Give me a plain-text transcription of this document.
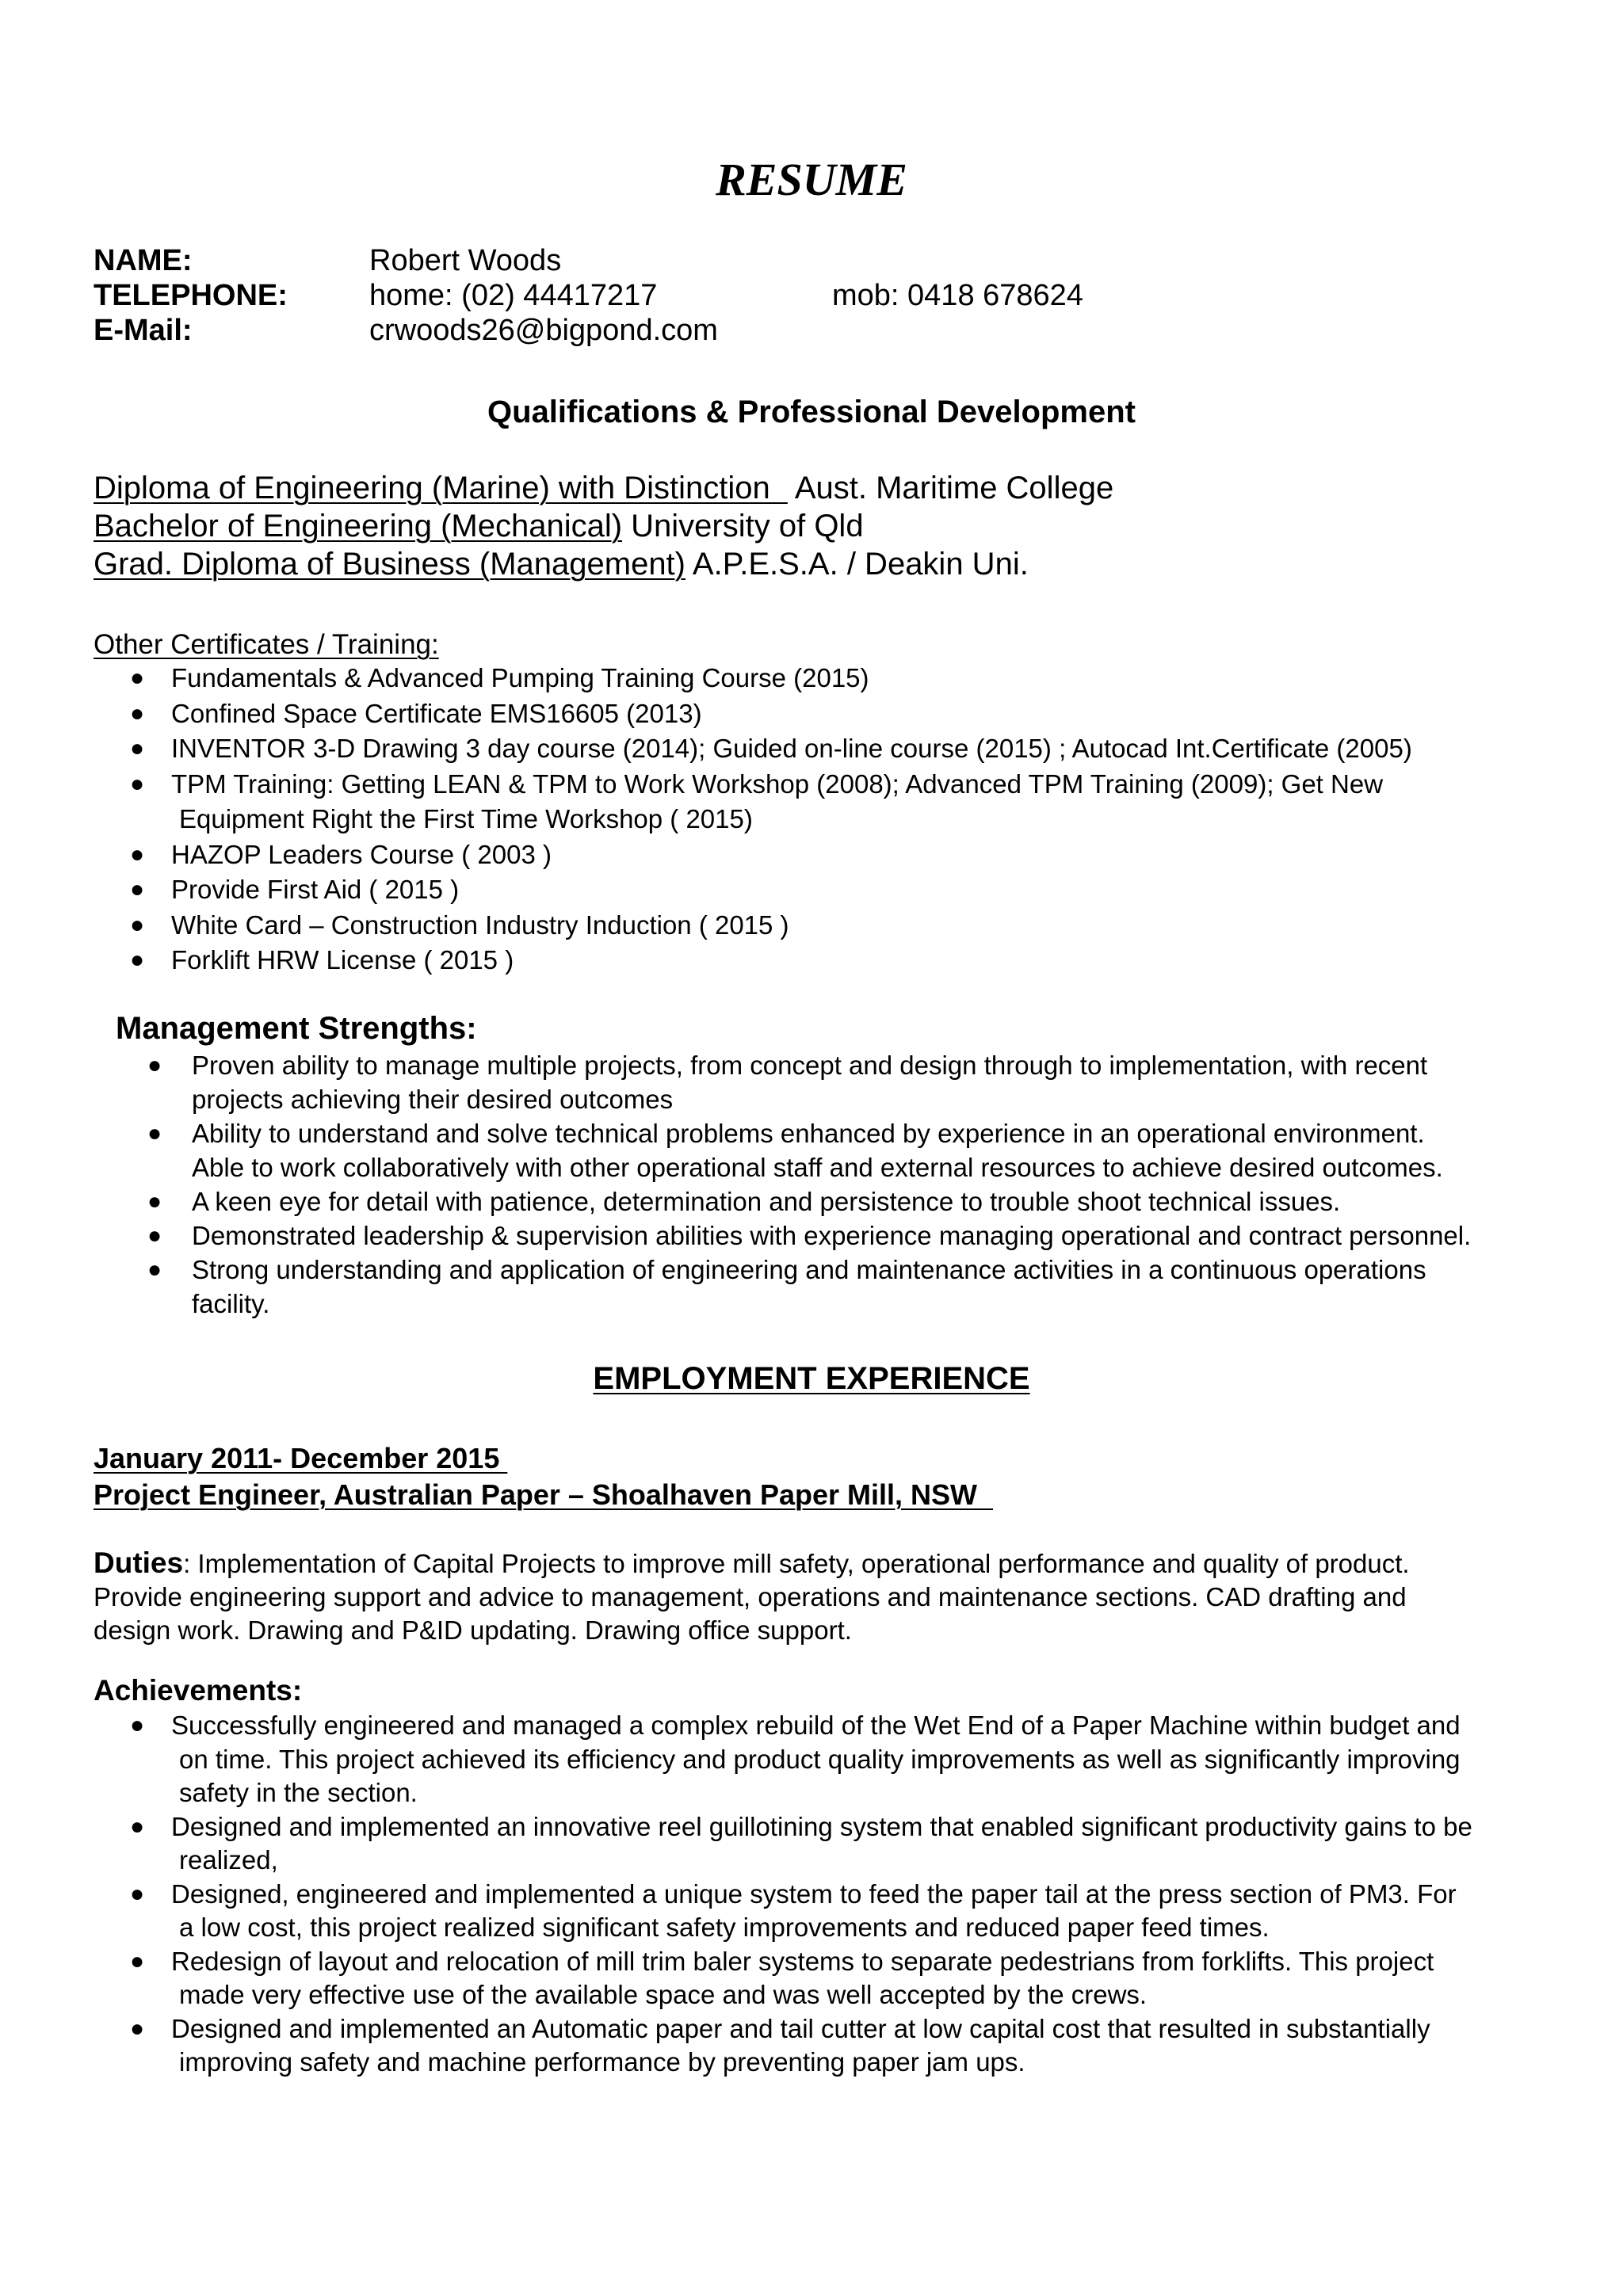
RESUME
NAME:	Robert Woods
TELEPHONE:	home: (02) 44417217	mob: 0418 678624
E-Mail:	crwoods26@bigpond.com
Qualifications & Professional Development
Diploma of Engineering (Marine) with Distinction   Aust. Maritime College
Bachelor of Engineering (Mechanical) University of Qld
Grad. Diploma of Business (Management) A.P.E.S.A. / Deakin Uni.
Other Certificates / Training:
● Fundamentals & Advanced Pumping Training Course (2015)
● Confined Space Certificate EMS16605 (2013)
● INVENTOR 3-D Drawing 3 day course (2014); Guided on-line course (2015) ; Autocad Int.Certificate (2005)
● TPM Training: Getting LEAN & TPM to Work Workshop (2008); Advanced TPM Training (2009); Get New
Equipment Right the First Time Workshop ( 2015)
● HAZOP Leaders Course ( 2003 )
● Provide First Aid ( 2015 )
● White Card – Construction Industry Induction ( 2015 )
● Forklift HRW License ( 2015 )
Management Strengths:
● Proven ability to manage multiple projects, from concept and design through to implementation, with recent
projects achieving their desired outcomes
● Ability to understand and solve technical problems enhanced by experience in an operational environment.
Able to work collaboratively with other operational staff and external resources to achieve desired outcomes.
● A keen eye for detail with patience, determination and persistence to trouble shoot technical issues.
● Demonstrated leadership & supervision abilities with experience managing operational and contract personnel.
● Strong understanding and application of engineering and maintenance activities in a continuous operations
facility.
EMPLOYMENT EXPERIENCE
January 2011- December 2015
Project Engineer, Australian Paper – Shoalhaven Paper Mill, NSW
Duties: Implementation of Capital Projects to improve mill safety, operational performance and quality of product.
Provide engineering support and advice to management, operations and maintenance sections. CAD drafting and
design work. Drawing and P&ID updating. Drawing office support.
Achievements:
● Successfully engineered and managed a complex rebuild of the Wet End of a Paper Machine within budget and
on time. This project achieved its efficiency and product quality improvements as well as significantly improving
safety in the section.
● Designed and implemented an innovative reel guillotining system that enabled significant productivity gains to be
realized,
● Designed, engineered and implemented a unique system to feed the paper tail at the press section of PM3. For
a low cost, this project realized significant safety improvements and reduced paper feed times.
● Redesign of layout and relocation of mill trim baler systems to separate pedestrians from forklifts. This project
made very effective use of the available space and was well accepted by the crews.
● Designed and implemented an Automatic paper and tail cutter at low capital cost that resulted in substantially
improving safety and machine performance by preventing paper jam ups.
